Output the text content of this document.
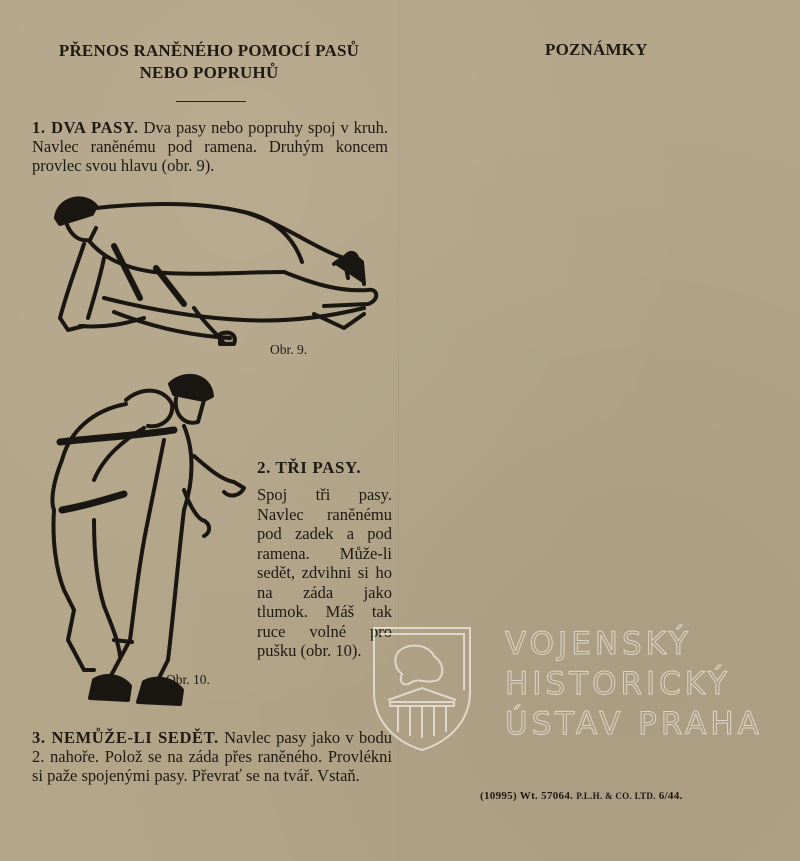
PŘENOS RANĚNÉHO POMOCÍ PASŮ
NEBO POPRUHŮ
POZNÁMKY
1. DVA PASY. Dva pasy nebo popruhy spoj v kruh. Navlec raněnému pod ramena. Druhým koncem provlec svou hlavu (obr. 9).
Obr. 9.
Obr. 10.
2. TŘI PASY.
Spoj tři pasy. Navlec raněnému pod zadek a pod ramena. Může-li sedět, zdvihni si ho na záda jako tlumok. Máš tak ruce volné pro pušku (obr. 10).
3. NEMŮŽE-LI SEDĚT. Navlec pasy jako v bodu 2. nahoře. Polož se na záda přes raněného. Provlékni si paže spojenými pasy. Převrať se na tvář. Vstaň.
(10995) Wt. 57064. P.L.H. & CO. LTD. 6/44.
VOJENSKÝ
HISTORICKÝ
ÚSTAV PRAHA
